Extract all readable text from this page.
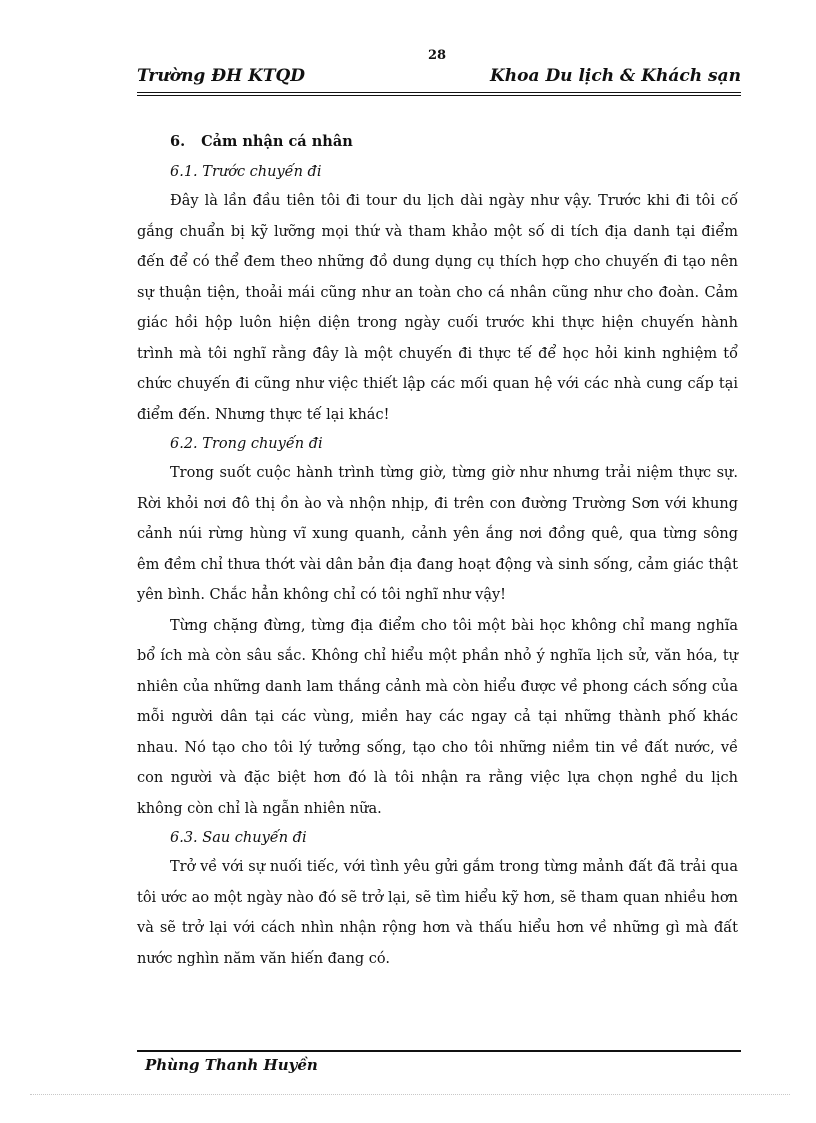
28
Trường ĐH KTQD	Khoa Du lịch & Khách sạn
6. Cảm nhận cá nhân
6.1. Trước chuyến đi

Đây là lần đầu tiên tôi đi tour du lịch dài ngày như vậy. Trước khi đi tôi cố gắng chuẩn bị kỹ lưỡng mọi thứ và tham khảo một số di tích địa danh tại điểm đến để có thể đem theo những đồ dung dụng cụ thích hợp cho chuyến đi tạo nên sự thuận tiện, thoải mái cũng như an toàn cho cá nhân cũng như cho đoàn. Cảm giác hồi hộp luôn hiện diện trong ngày cuối trước khi thực hiện chuyến hành trình mà tôi nghĩ rằng đây là một chuyến đi thực tế để học hỏi kinh nghiệm tổ chức chuyến đi cũng như việc thiết lập các mối quan hệ với các nhà cung cấp tại điểm đến. Nhưng thực tế lại khác!

6.2. Trong chuyến đi

Trong suốt cuộc hành trình từng giờ, từng giờ như nhưng trải niệm thực sự. Rời khỏi nơi đô thị ồn ào và nhộn nhịp, đi trên con đường Trường Sơn với khung cảnh núi rừng hùng vĩ xung quanh, cảnh yên ắng nơi đồng quê, qua từng sông êm đềm chỉ thưa thớt vài dân bản địa đang hoạt động và sinh sống, cảm giác thật yên bình. Chắc hẳn không chỉ có tôi nghĩ như vậy!

Từng chặng đừng, từng địa điểm cho tôi một bài học không chỉ mang nghĩa bổ ích mà còn sâu sắc. Không chỉ hiểu một phần nhỏ ý nghĩa lịch sử, văn hóa, tự nhiên của những danh lam thắng cảnh mà còn hiểu được về phong cách sống của mỗi người dân tại các vùng, miền hay các ngay cả tại những thành phố khác nhau. Nó tạo cho tôi lý tưởng sống, tạo cho tôi những niềm tin về đất nước, về con người và đặc biệt hơn đó là tôi nhận ra rằng việc lựa chọn nghề du lịch không còn chỉ là ngẫn nhiên nữa.

6.3. Sau chuyến đi

Trở về với sự nuối tiếc, với tình yêu gửi gắm trong từng mảnh đất đã trải qua tôi ước ao một ngày nào đó sẽ trở lại, sẽ tìm hiểu kỹ hơn, sẽ tham quan nhiều hơn và sẽ trở lại với cách nhìn nhận rộng hơn và thấu hiểu hơn về những gì mà đất nước nghìn năm văn hiến đang có.

Phùng Thanh Huyền
